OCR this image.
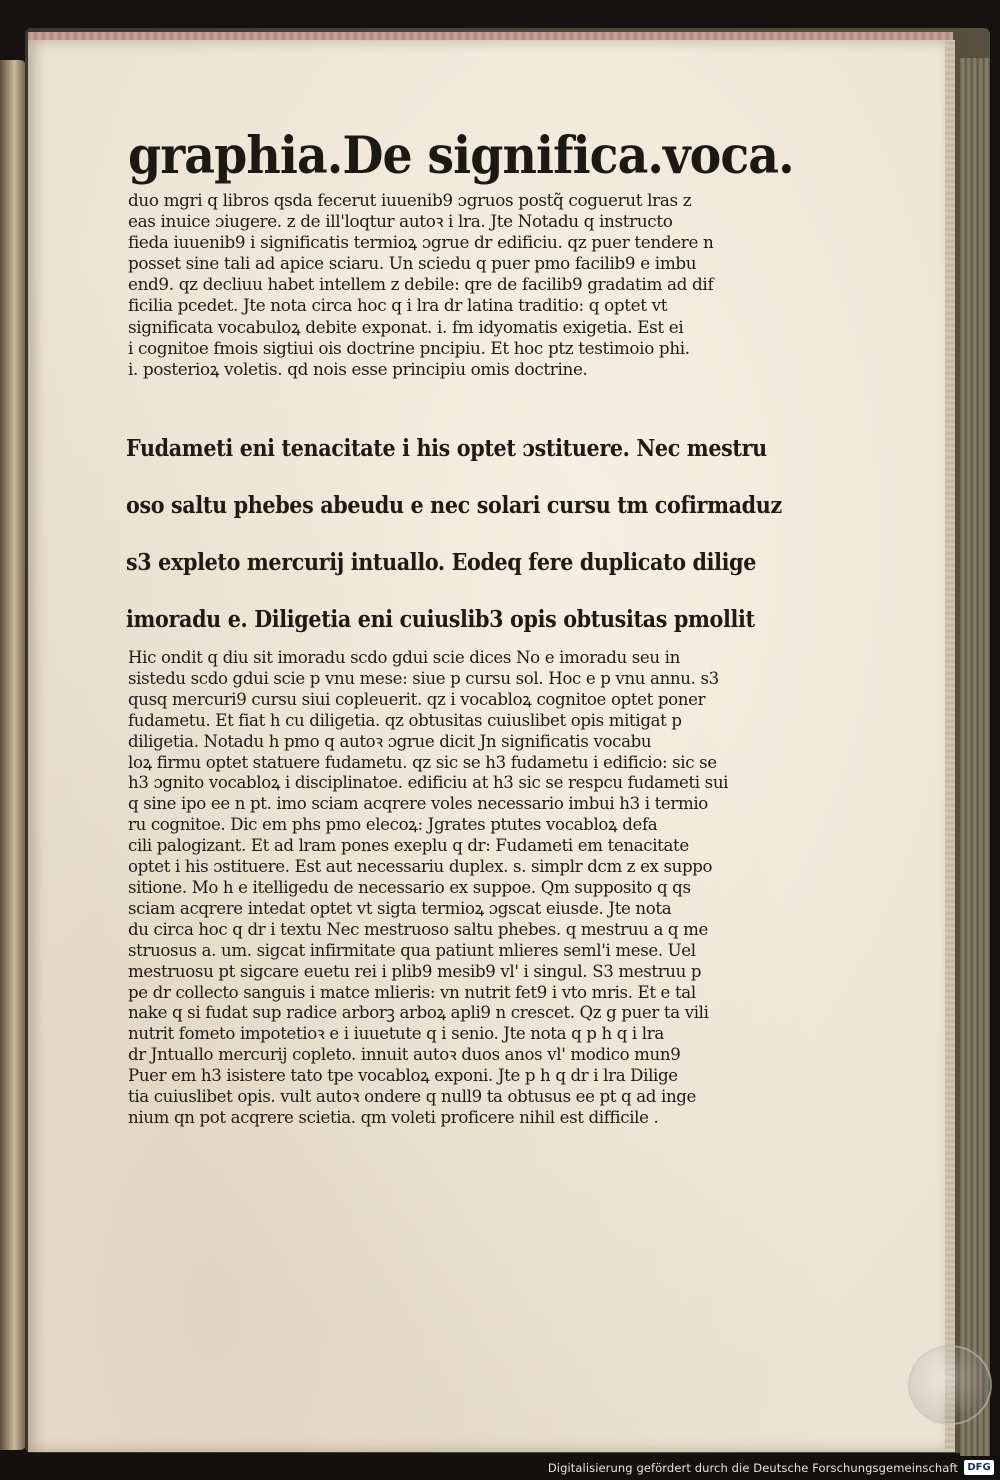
graphia.De significa.voca.
duo mgri q libros qsda fecerut iuuenib9 ɔgruos postq̃ coguerut lras z
eas inuice ɔiugere. z de ill'loqtur autoꝛ i lra. Jte Notadu q instructo
fieda iuuenib9 i significatis termioꝝ ɔgrue dr edificiu. qz puer tendere n
posset sine tali ad apice sciaru. Un sciedu q puer pmo facilib9 e imbu
end9. qz decliuu habet intellem z debile: qre de facilib9 gradatim ad dif
ficilia pcedet. Jte nota circa hoc q i lra dr latina traditio: q optet vt
significata vocabuloꝝ debite exponat. i. fm idyomatis exigetia. Est ei
i cognitoe fmois sigtiui ois doctrine pncipiu. Et hoc ptz testimoio phi.
i. posterioꝝ voletis. qd nois esse principiu omis doctrine.
Fudameti eni tenacitate i his optet ɔstituere. Nec mestru
oso saltu phebes abeudu e nec solari cursu tm cofirmaduz
s3 expleto mercurij intuallo. Eodeq fere duplicato dilige
imoradu e. Diligetia eni cuiuslib3 opis obtusitas pmollit
Hic ondit q diu sit imoradu scdo gdui scie dices No e imoradu seu in
sistedu scdo gdui scie p vnu mese: siue p cursu sol. Hoc e p vnu annu. s3
qusq mercuri9 cursu siui copleuerit. qz i vocabloꝝ cognitoe optet poner
fudametu. Et fiat h cu diligetia. qz obtusitas cuiuslibet opis mitigat p
diligetia. Notadu h pmo q autoꝛ ɔgrue dicit Jn significatis vocabu
loꝝ firmu optet statuere fudametu. qz sic se h3 fudametu i edificio: sic se
h3 ɔgnito vocabloꝝ i disciplinatoe. edificiu at h3 sic se respcu fudameti sui
q sine ipo ee n pt. imo sciam acqrere voles necessario imbui h3 i termio
ru cognitoe. Dic em phs pmo elecoꝝ: Jgrates ptutes vocabloꝝ defa
cili palogizant. Et ad lram pones exeplu q dr: Fudameti em tenacitate
optet i his ɔstituere. Est aut necessariu duplex. s. simplr dcm z ex suppo
sitione. Mo h e itelligedu de necessario ex suppoe. Qm supposito q qs
sciam acqrere intedat optet vt sigta termioꝝ ɔgscat eiusde. Jte nota
du circa hoc q dr i textu Nec mestruoso saltu phebes. q mestruu a q me
struosus a. um. sigcat infirmitate qua patiunt mlieres seml'i mese. Uel
mestruosu pt sigcare euetu rei i plib9 mesib9 vl' i singul. S3 mestruu p
pe dr collecto sanguis i matce mlieris: vn nutrit fet9 i vto mris. Et e tal
nake q si fudat sup radice arborꝫ arboꝝ apli9 n crescet. Qz g puer ta vili
nutrit fometo impotetioꝛ e i iuuetute q i senio. Jte nota q p h q i lra
dr Jntuallo mercurij copleto. innuit autoꝛ duos anos vl' modico mun9
Puer em h3 isistere tato tpe vocabloꝝ exponi. Jte p h q dr i lra Dilige
tia cuiuslibet opis. vult autoꝛ ondere q null9 ta obtusus ee pt q ad inge
nium qn pot acqrere scietia. qm voleti proficere nihil est difficile .
Digitalisierung gefördert durch die Deutsche Forschungsgemeinschaft DFG
